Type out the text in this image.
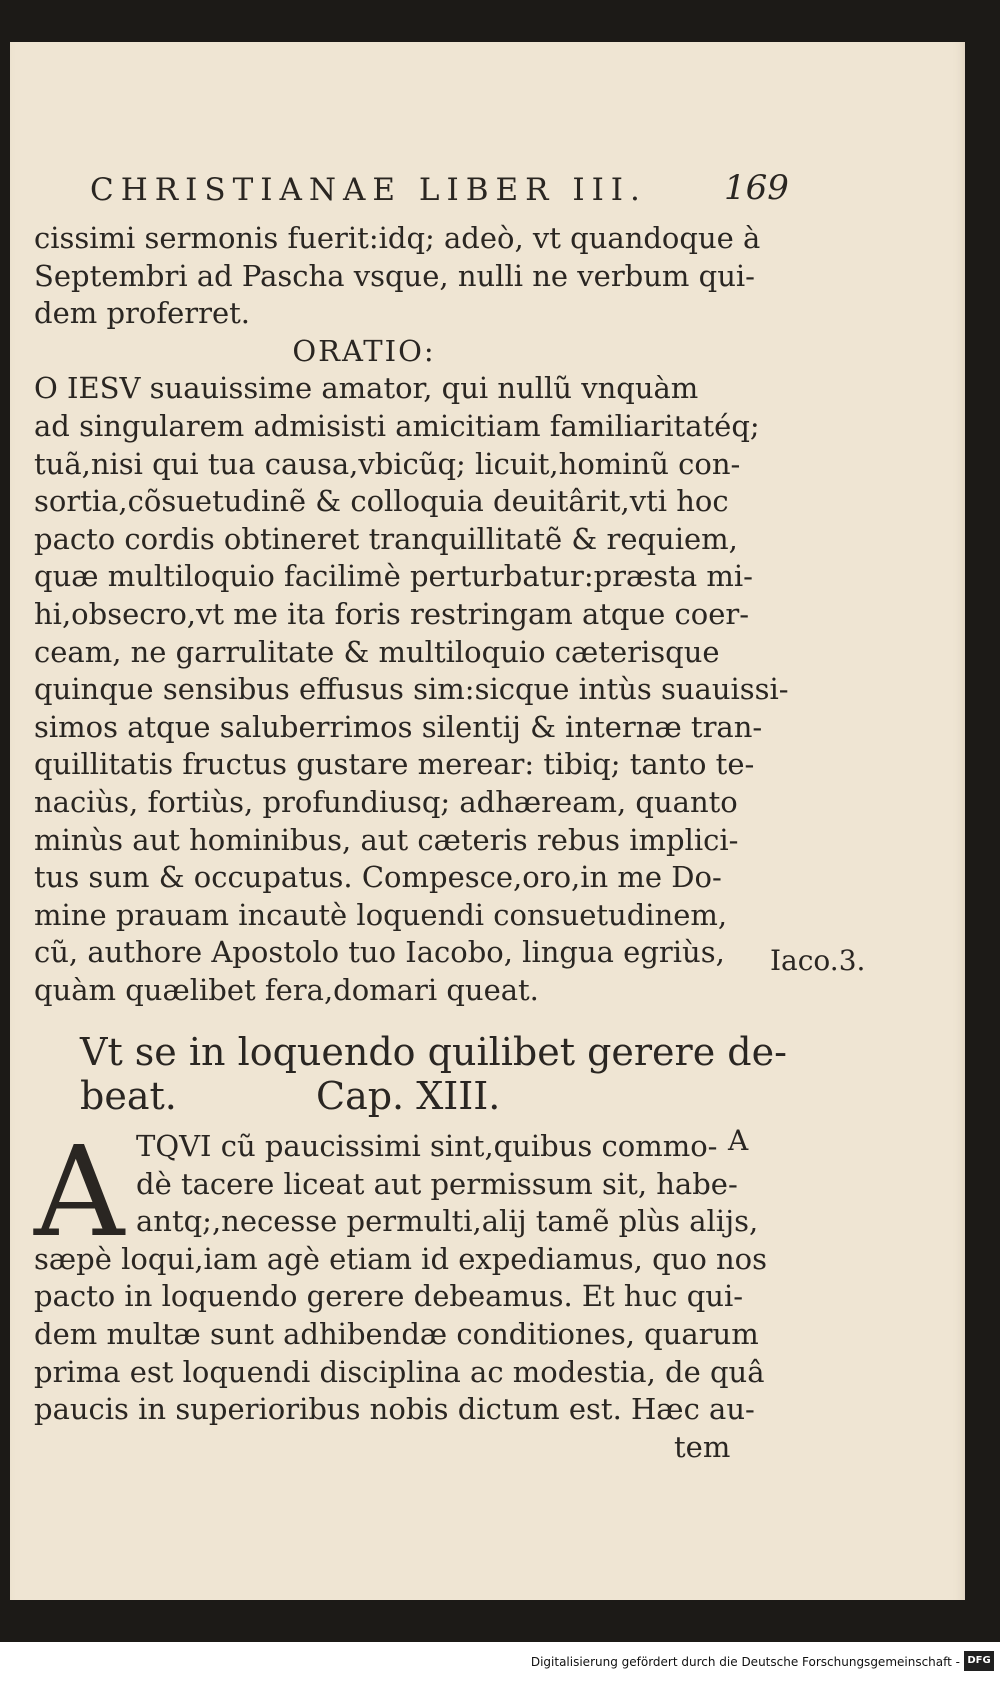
CHRISTIANAE LIBER III. 169
cissimi sermonis fuerit:idq; adeò, vt quandoque à
Septembri ad Pascha vsque, nulli ne verbum qui-
dem proferret.
ORATIO:
O IESV suauissime amator, qui nullũ vnquàm
ad singularem admisisti amicitiam familiaritatéq;
tuã,nisi qui tua causa,vbicũq; licuit,hominũ con-
sortia,cõsuetudinẽ & colloquia deuitârit,vti hoc
pacto cordis obtineret tranquillitatẽ & requiem,
quæ multiloquio facilimè perturbatur:præsta mi-
hi,obsecro,vt me ita foris restringam atque coer-
ceam, ne garrulitate & multiloquio cæterisque
quinque sensibus effusus sim:sicque intùs suauissi-
simos atque saluberrimos silentij & internæ tran-
quillitatis fructus gustare merear: tibiq; tanto te-
naciùs, fortiùs, profundiusq; adhæream, quanto
minùs aut hominibus, aut cæteris rebus implici-
tus sum & occupatus. Compesce,oro,in me Do-
mine prauam incautè loquendi consuetudinem,
cũ, authore Apostolo tuo Iacobo, lingua egriùs,
quàm quælibet fera,domari queat.
Iaco.3.
Vt se in loquendo quilibet gerere de-
beat.	Cap. XIII.
A
A TQVI cũ paucissimi sint,quibus commo-
dè tacere liceat aut permissum sit, habe-
antq;,necesse permulti,alij tamẽ plùs alijs,
sæpè loqui,iam agè etiam id expediamus, quo nos
pacto in loquendo gerere debeamus. Et huc qui-
dem multæ sunt adhibendæ conditiones, quarum
prima est loquendi disciplina ac modestia, de quâ
paucis in superioribus nobis dictum est. Hæc au-
tem
Digitalisierung gefördert durch die Deutsche Forschungsgemeinschaft - DFG
